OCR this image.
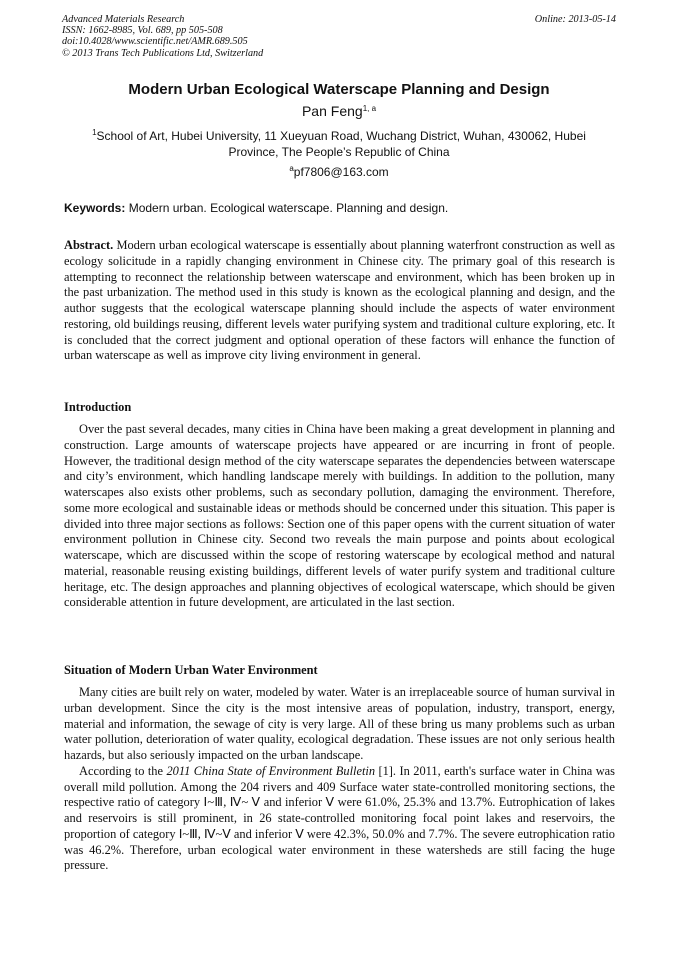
Advanced Materials Research
ISSN: 1662-8985, Vol. 689, pp 505-508
doi:10.4028/www.scientific.net/AMR.689.505
© 2013 Trans Tech Publications Ltd, Switzerland
Online: 2013-05-14
Modern Urban Ecological Waterscape Planning and Design
Pan Feng$^{1, a}$
$^1$School of Art, Hubei University, 11 Xueyuan Road, Wuchang District, Wuhan, 430062, Hubei Province, The People’s Republic of China
$^a$pf7806@163.com
Keywords: Modern urban. Ecological waterscape. Planning and design.

Abstract. Modern urban ecological waterscape is essentially about planning waterfront construction as well as ecology solicitude in a rapidly changing environment in Chinese city. The primary goal of this research is attempting to reconnect the relationship between waterscape and environment, which has been broken up in the past urbanization. The method used in this study is known as the ecological planning and design, and the author suggests that the ecological waterscape planning should include the aspects of water environment restoring, old buildings reusing, different levels water purifying system and traditional culture exploring, etc. It is concluded that the correct judgment and optional operation of these factors will enhance the function of urban waterscape as well as improve city living environment in general.

Introduction

Over the past several decades, many cities in China have been making a great development in planning and construction. Large amounts of waterscape projects have appeared or are incurring in front of people. However, the traditional design method of the city waterscape separates the dependencies between waterscape and city’s environment, which handling landscape merely with buildings. In addition to the pollution, many waterscapes also exists other problems, such as secondary pollution, damaging the environment. Therefore, some more ecological and sustainable ideas or methods should be concerned under this situation. This paper is divided into three major sections as follows: Section one of this paper opens with the current situation of water environment pollution in Chinese city. Second two reveals the main purpose and points about ecological waterscape, which are discussed within the scope of restoring waterscape by ecological method and natural material, reasonable reusing existing buildings, different levels of water purify system and traditional culture heritage, etc. The design approaches and planning objectives of ecological waterscape, which should be given considerable attention in future development, are articulated in the last section.

Situation of Modern Urban Water Environment

Many cities are built rely on water, modeled by water. Water is an irreplaceable source of human survival in urban development. Since the city is the most intensive areas of population, industry, transport, energy, material and information, the sewage of city is very large. All of these bring us many problems such as urban water pollution, deterioration of water quality, ecological degradation. These issues are not only serious health hazards, but also seriously impacted on the urban landscape.

According to the 2011 China State of Environment Bulletin [1]. In 2011, earth's surface water in China was overall mild pollution. Among the 204 rivers and 409 Surface water state-controlled monitoring sections, the respective ratio of category Ⅰ~Ⅲ, Ⅳ~ Ⅴ and inferior Ⅴ were 61.0%, 25.3% and 13.7%. Eutrophication of lakes and reservoirs is still prominent, in 26 state-controlled monitoring focal point lakes and reservoirs, the proportion of category Ⅰ~Ⅲ, Ⅳ~Ⅴ and inferior Ⅴ were 42.3%, 50.0% and 7.7%. The severe eutrophication ratio was 46.2%. Therefore, urban ecological water environment in these watersheds are still facing the huge pressure.
